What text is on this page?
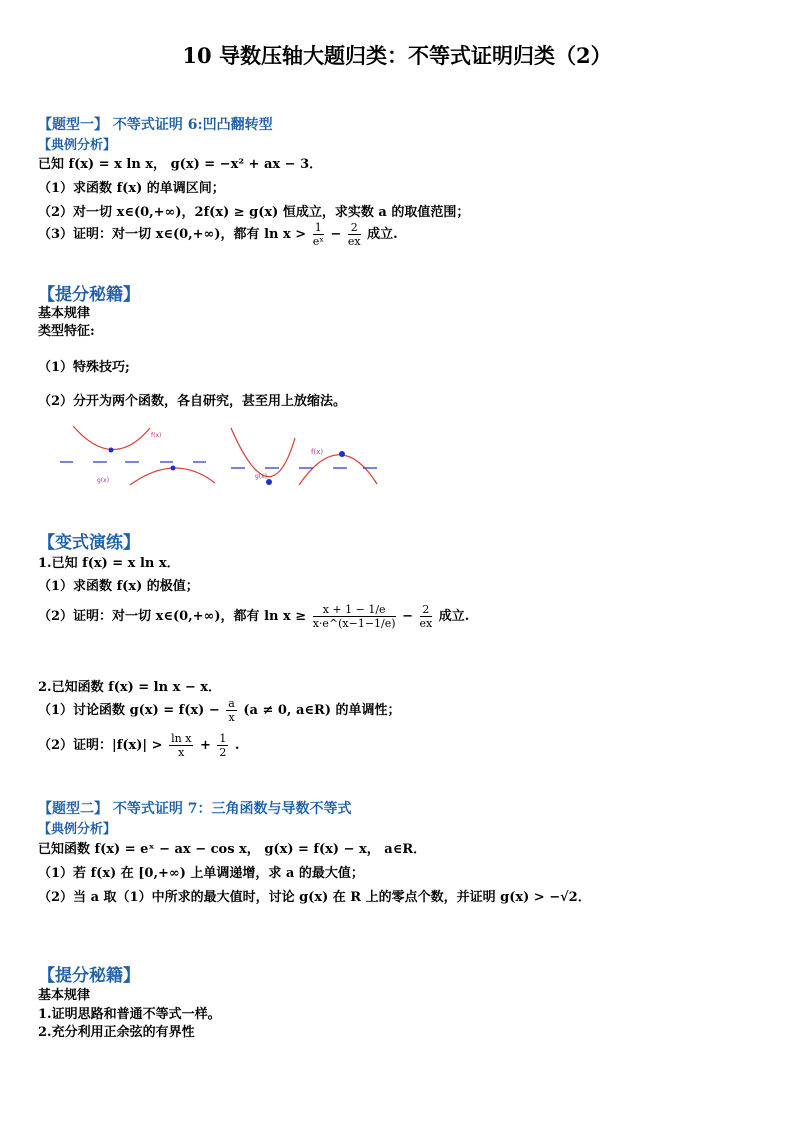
10 导数压轴大题归类：不等式证明归类（2）
【题型一】 不等式证明 6:凹凸翻转型
【典例分析】
已知 f(x) = x ln x， g(x) = −x² + ax − 3．
（1）求函数 f(x) 的单调区间；
（2）对一切 x∈(0,+∞)，2f(x) ≥ g(x) 恒成立，求实数 a 的取值范围；
（3）证明：对一切 x∈(0,+∞)，都有 $\ln x > \frac{1}{\text{eˣ}} - \frac{2}{ex}$ 成立.
【提分秘籍】
基本规律
类型特征:
（1）特殊技巧;
（2）分开为两个函数，各自研究，甚至用上放缩法。
f(x)
g(x)
f(x)
g(x)
【变式演练】
1.已知 f(x) = x ln x．
（1）求函数 f(x) 的极值；
（2）证明：对一切 x∈(0,+∞)，都有 $\ln x \ge \frac{x + 1 - 1/e}{x\cdot e\^{}(x-1-1/e)} - \frac{2}{ex}$ 成立.
2.已知函数 f(x) = ln x − x．
（1）讨论函数 $g(x) = f(x) - \frac{a}{x} (a \ne 0$, a∈R) 的单调性；
（2）证明：$|f(x)| > \frac{\text{ln x}}{x} + \frac{1}{2}$ .
【题型二】 不等式证明 7：三角函数与导数不等式
【典例分析】
已知函数 f(x) = eˣ − ax − cos x， g(x) = f(x) − x， a∈R．
（1）若 f(x) 在 [0,+∞) 上单调递增，求 a 的最大值；
（2）当 a 取（1）中所求的最大值时，讨论 g(x) 在 R 上的零点个数，并证明 g(x) > −√2．
【提分秘籍】
基本规律
1.证明思路和普通不等式一样。
2.充分利用正余弦的有界性
